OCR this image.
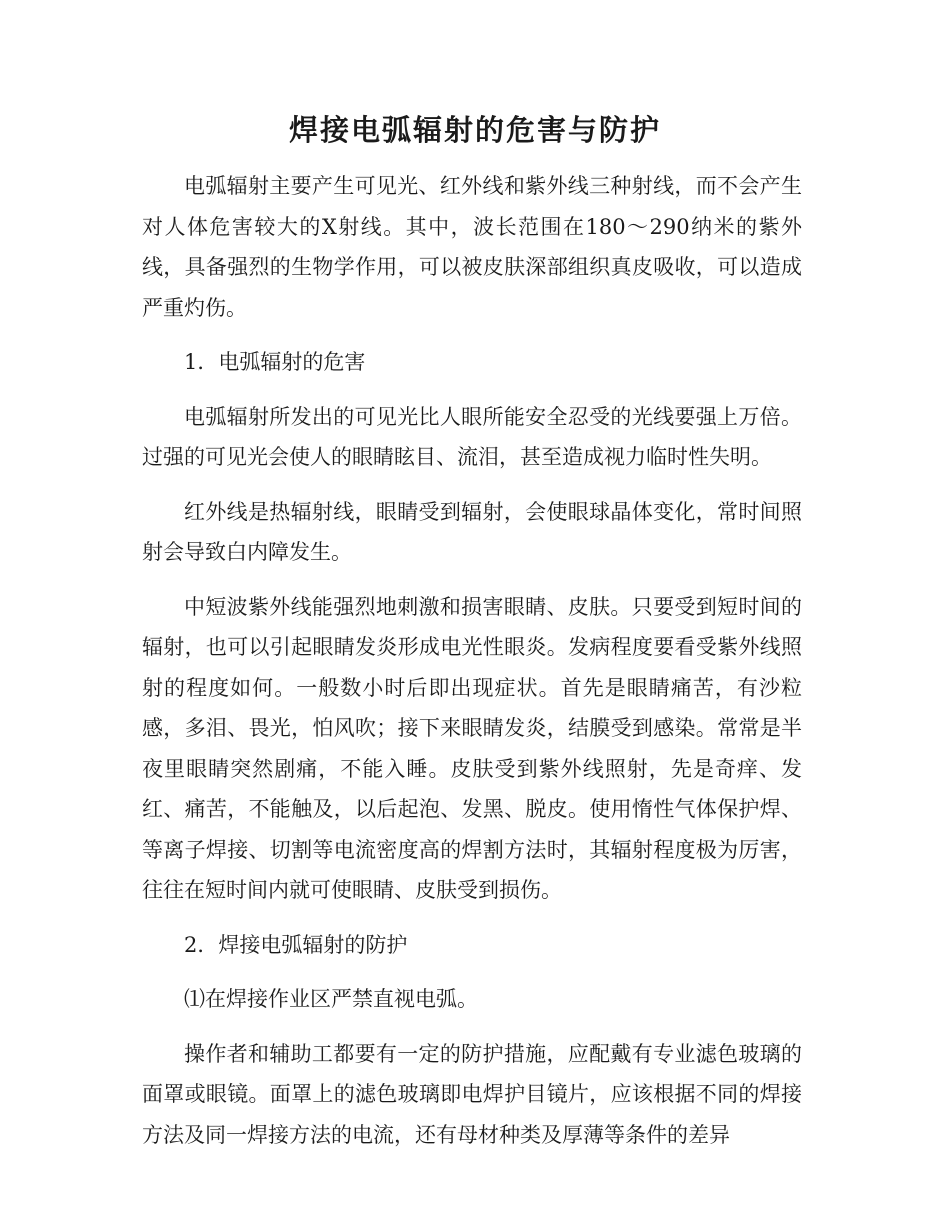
焊接电弧辐射的危害与防护

电弧辐射主要产生可见光、红外线和紫外线三种射线，而不会产生对人体危害较大的X射线。其中，波长范围在180～290纳米的紫外线，具备强烈的生物学作用，可以被皮肤深部组织真皮吸收，可以造成严重灼伤。

1．电弧辐射的危害

电弧辐射所发出的可见光比人眼所能安全忍受的光线要强上万倍。过强的可见光会使人的眼睛眩目、流泪，甚至造成视力临时性失明。

红外线是热辐射线，眼睛受到辐射，会使眼球晶体变化，常时间照射会导致白内障发生。

中短波紫外线能强烈地刺激和损害眼睛、皮肤。只要受到短时间的辐射，也可以引起眼睛发炎形成电光性眼炎。发病程度要看受紫外线照射的程度如何。一般数小时后即出现症状。首先是眼睛痛苦，有沙粒感，多泪、畏光，怕风吹；接下来眼睛发炎，结膜受到感染。常常是半夜里眼睛突然剧痛，不能入睡。皮肤受到紫外线照射，先是奇痒、发红、痛苦，不能触及，以后起泡、发黑、脱皮。使用惰性气体保护焊、等离子焊接、切割等电流密度高的焊割方法时，其辐射程度极为厉害，往往在短时间内就可使眼睛、皮肤受到损伤。

2．焊接电弧辐射的防护

⑴在焊接作业区严禁直视电弧。

操作者和辅助工都要有一定的防护措施，应配戴有专业滤色玻璃的面罩或眼镜。面罩上的滤色玻璃即电焊护目镜片，应该根据不同的焊接方法及同一焊接方法的电流，还有母材种类及厚薄等条件的差异
